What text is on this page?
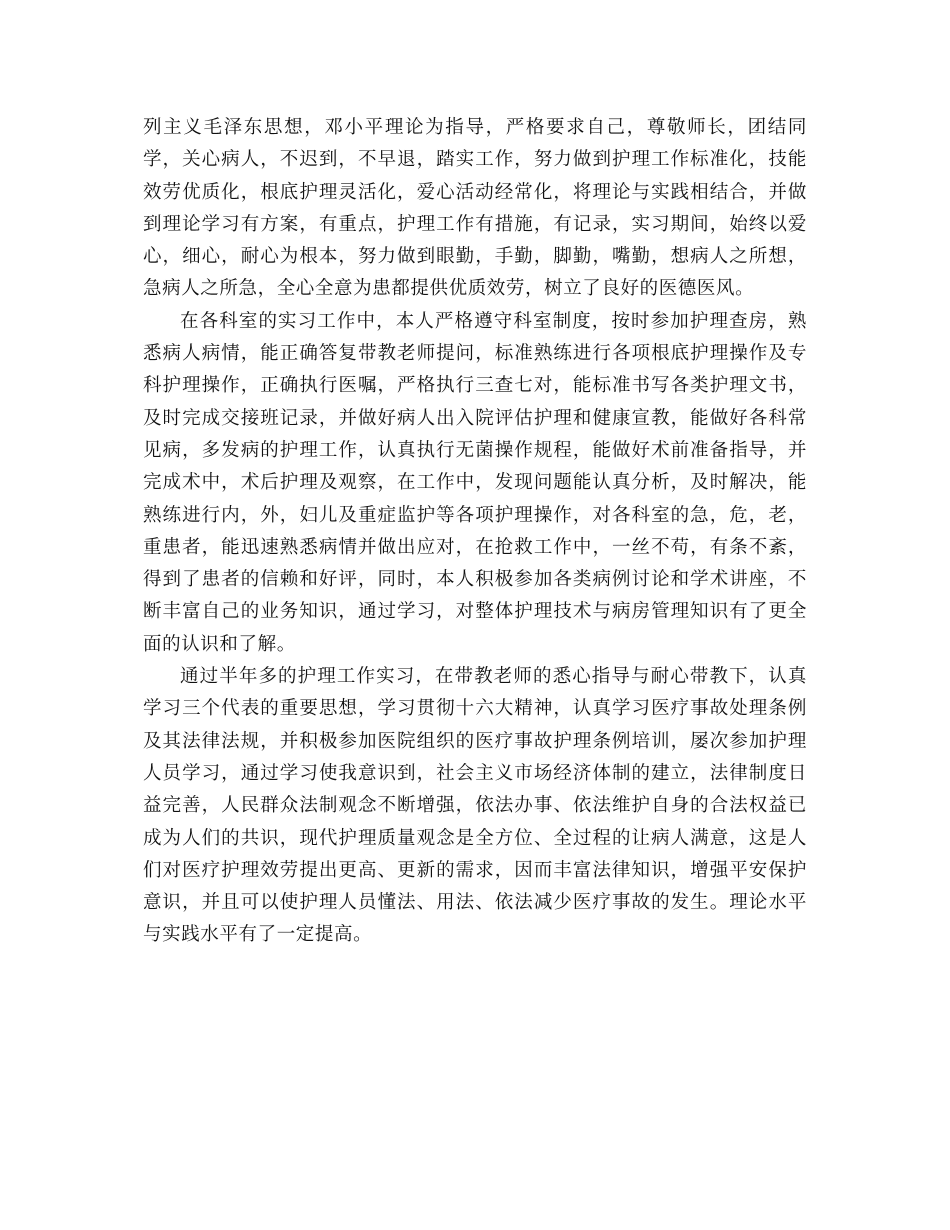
列主义毛泽东思想，邓小平理论为指导，严格要求自己，尊敬师长，团结同学，关心病人，不迟到，不早退，踏实工作，努力做到护理工作标准化，技能效劳优质化，根底护理灵活化，爱心活动经常化，将理论与实践相结合，并做到理论学习有方案，有重点，护理工作有措施，有记录，实习期间，始终以爱心，细心，耐心为根本，努力做到眼勤，手勤，脚勤，嘴勤，想病人之所想，急病人之所急，全心全意为患都提供优质效劳，树立了良好的医德医风。

在各科室的实习工作中，本人严格遵守科室制度，按时参加护理查房，熟悉病人病情，能正确答复带教老师提问，标准熟练进行各项根底护理操作及专科护理操作，正确执行医嘱，严格执行三查七对，能标准书写各类护理文书，及时完成交接班记录，并做好病人出入院评估护理和健康宣教，能做好各科常见病，多发病的护理工作，认真执行无菌操作规程，能做好术前准备指导，并完成术中，术后护理及观察，在工作中，发现问题能认真分析，及时解决，能熟练进行内，外，妇儿及重症监护等各项护理操作，对各科室的急，危，老，重患者，能迅速熟悉病情并做出应对，在抢救工作中，一丝不苟，有条不紊，得到了患者的信赖和好评，同时，本人积极参加各类病例讨论和学术讲座，不断丰富自己的业务知识，通过学习，对整体护理技术与病房管理知识有了更全面的认识和了解。

通过半年多的护理工作实习，在带教老师的悉心指导与耐心带教下，认真学习三个代表的重要思想，学习贯彻十六大精神，认真学习医疗事故处理条例及其法律法规，并积极参加医院组织的医疗事故护理条例培训，屡次参加护理人员学习，通过学习使我意识到，社会主义市场经济体制的建立，法律制度日益完善，人民群众法制观念不断增强，依法办事、依法维护自身的合法权益已成为人们的共识，现代护理质量观念是全方位、全过程的让病人满意，这是人们对医疗护理效劳提出更高、更新的需求，因而丰富法律知识，增强平安保护意识，并且可以使护理人员懂法、用法、依法减少医疗事故的发生。理论水平与实践水平有了一定提高。
